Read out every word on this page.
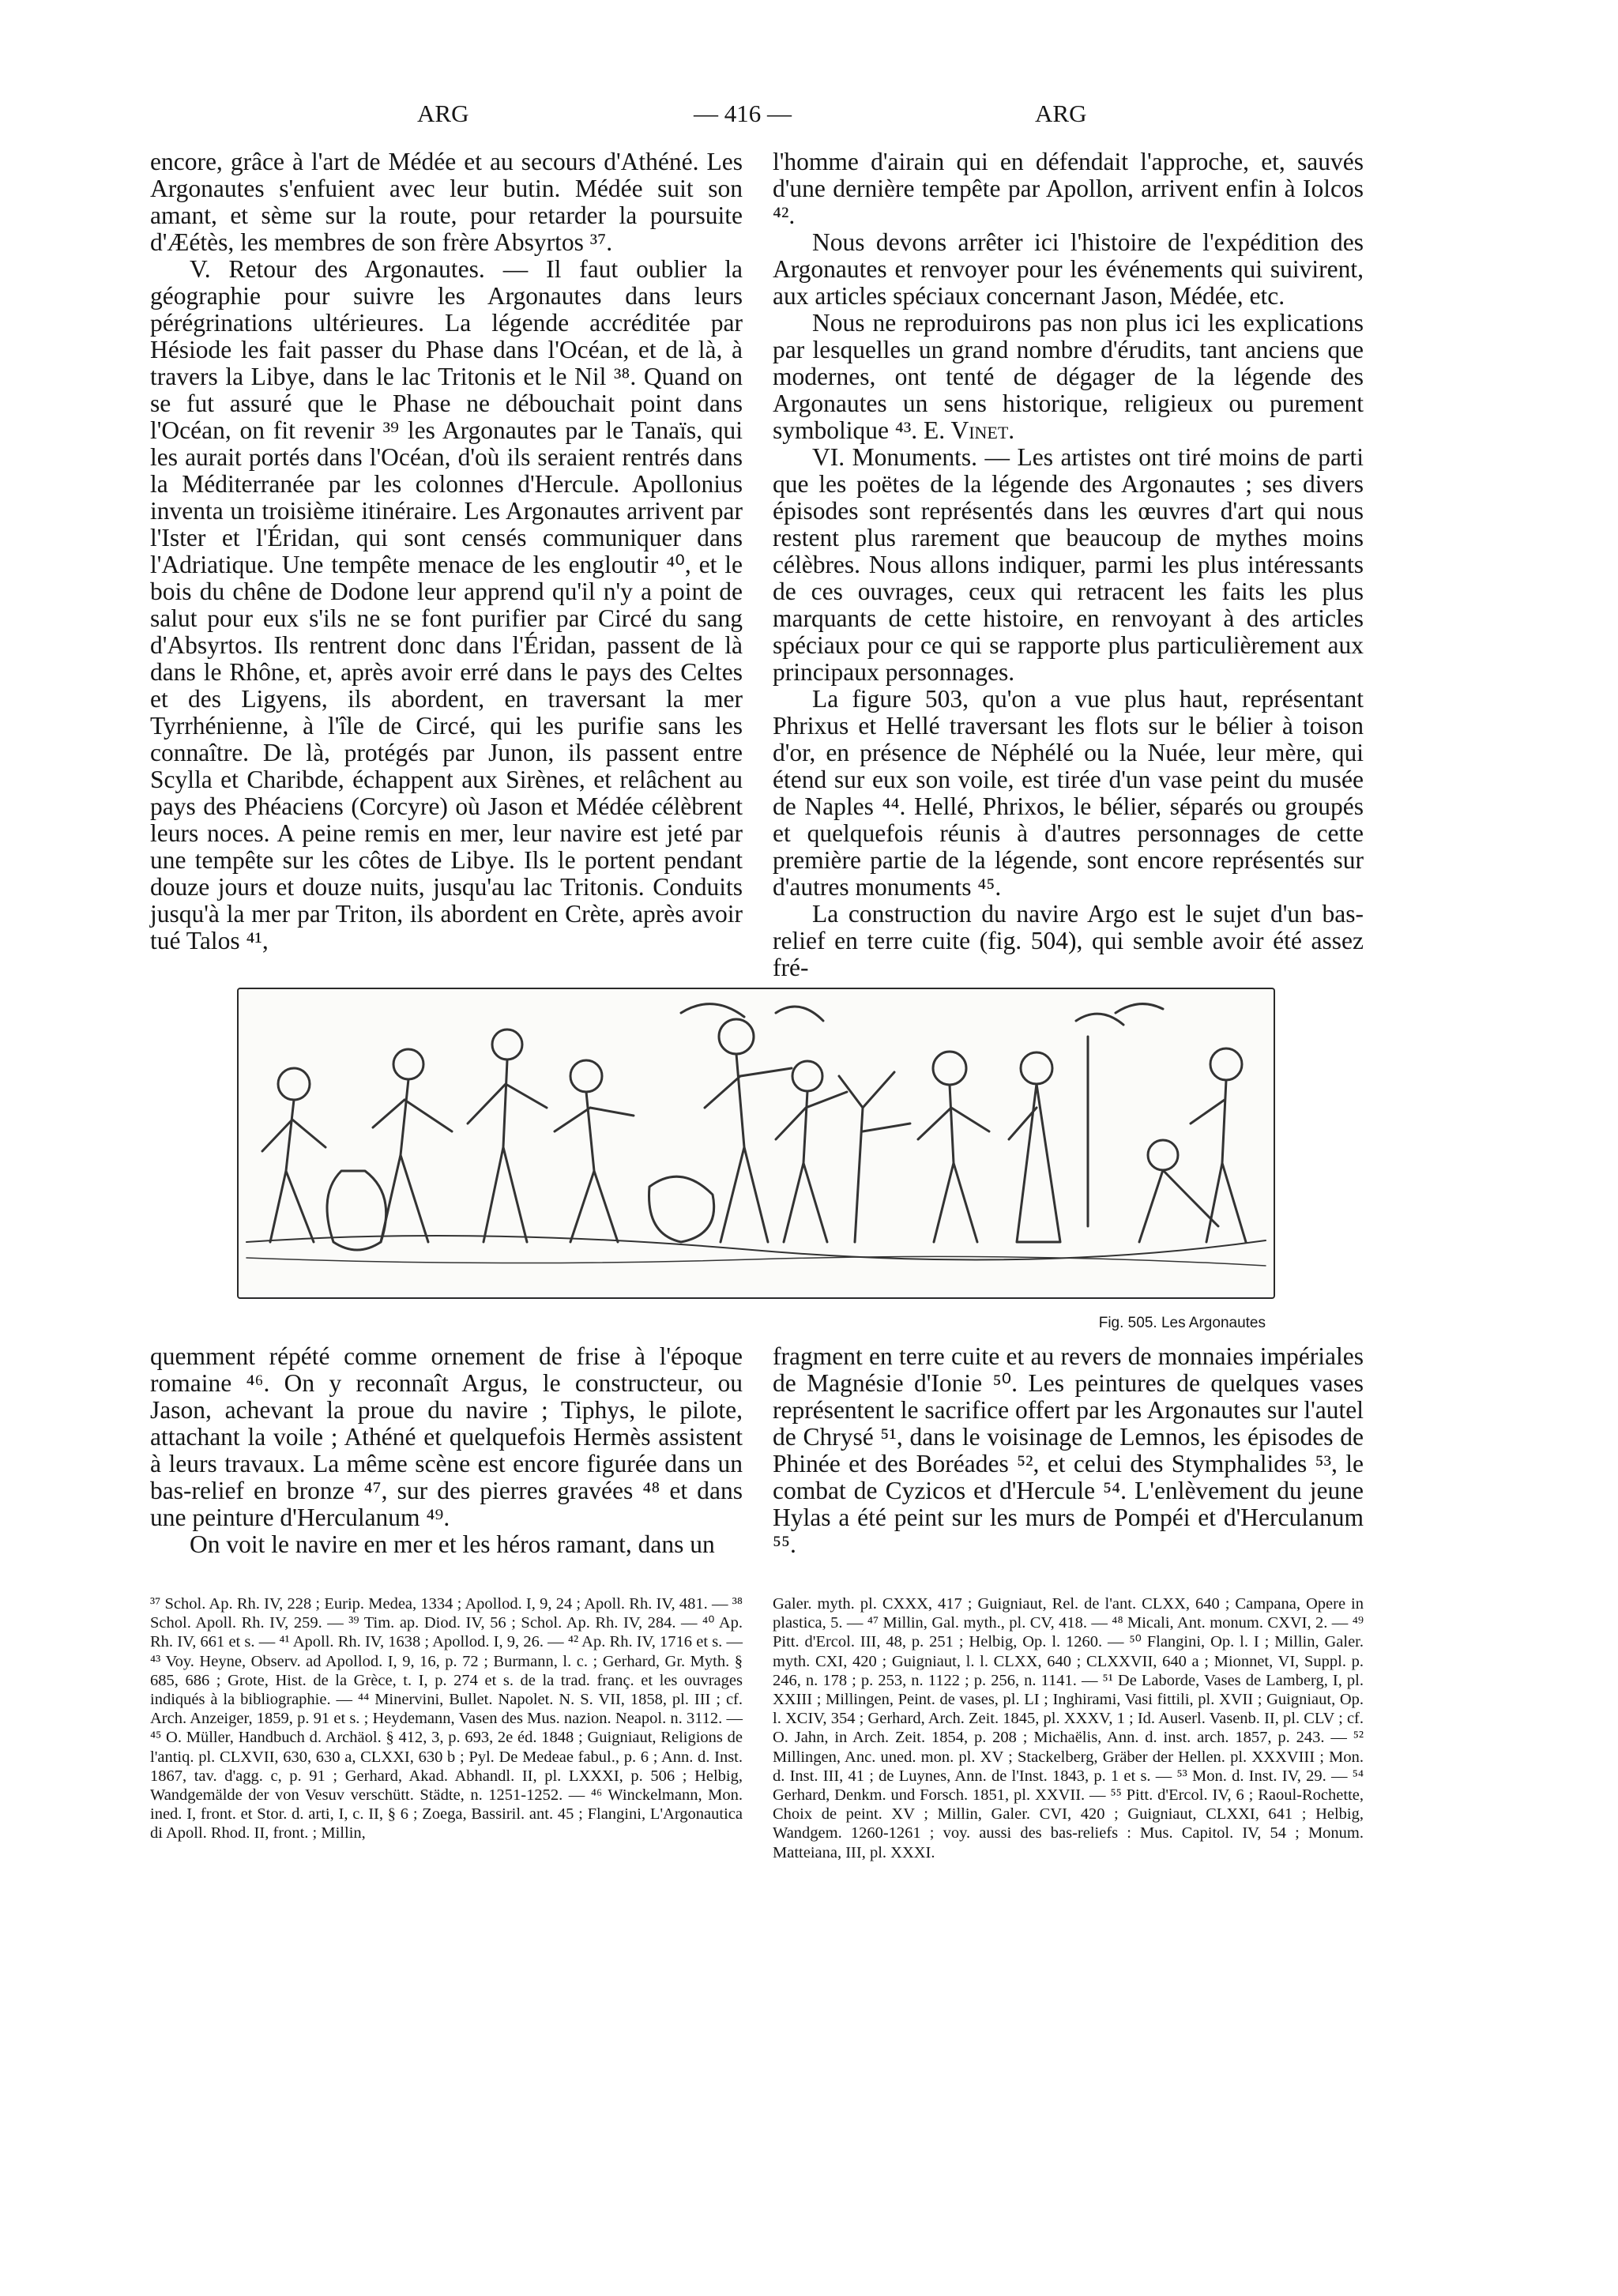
ARG	— 416 —	ARG

encore, grâce à l'art de Médée et au secours d'Athéné. Les Argonautes s'enfuient avec leur butin. Médée suit son amant, et sème sur la route, pour retarder la poursuite d'Æétès, les membres de son frère Absyrtos ³⁷.

V. Retour des Argonautes. — Il faut oublier la géographie pour suivre les Argonautes dans leurs pérégrinations ultérieures. La légende accréditée par Hésiode les fait passer du Phase dans l'Océan, et de là, à travers la Libye, dans le lac Tritonis et le Nil ³⁸. Quand on se fut assuré que le Phase ne débouchait point dans l'Océan, on fit revenir ³⁹ les Argonautes par le Tanaïs, qui les aurait portés dans l'Océan, d'où ils seraient rentrés dans la Méditerranée par les colonnes d'Hercule. Apollonius inventa un troisième itinéraire. Les Argonautes arrivent par l'Ister et l'Éridan, qui sont censés communiquer dans l'Adriatique. Une tempête menace de les engloutir ⁴⁰, et le bois du chêne de Dodone leur apprend qu'il n'y a point de salut pour eux s'ils ne se font purifier par Circé du sang d'Absyrtos. Ils rentrent donc dans l'Éridan, passent de là dans le Rhône, et, après avoir erré dans le pays des Celtes et des Ligyens, ils abordent, en traversant la mer Tyrrhénienne, à l'île de Circé, qui les purifie sans les connaître. De là, protégés par Junon, ils passent entre Scylla et Charibde, échappent aux Sirènes, et relâchent au pays des Phéaciens (Corcyre) où Jason et Médée célèbrent leurs noces. A peine remis en mer, leur navire est jeté par une tempête sur les côtes de Libye. Ils le portent pendant douze jours et douze nuits, jusqu'au lac Tritonis. Conduits jusqu'à la mer par Triton, ils abordent en Crète, après avoir tué Talos ⁴¹,

l'homme d'airain qui en défendait l'approche, et, sauvés d'une dernière tempête par Apollon, arrivent enfin à Iolcos ⁴².

Nous devons arrêter ici l'histoire de l'expédition des Argonautes et renvoyer pour les événements qui suivirent, aux articles spéciaux concernant Jason, Médée, etc.

Nous ne reproduirons pas non plus ici les explications par lesquelles un grand nombre d'érudits, tant anciens que modernes, ont tenté de dégager de la légende des Argonautes un sens historique, religieux ou purement symbolique ⁴³. E. Vinet.

VI. Monuments. — Les artistes ont tiré moins de parti que les poëtes de la légende des Argonautes ; ses divers épisodes sont représentés dans les œuvres d'art qui nous restent plus rarement que beaucoup de mythes moins célèbres. Nous allons indiquer, parmi les plus intéressants de ces ouvrages, ceux qui retracent les faits les plus marquants de cette histoire, en renvoyant à des articles spéciaux pour ce qui se rapporte plus particulièrement aux principaux personnages.

La figure 503, qu'on a vue plus haut, représentant Phrixus et Hellé traversant les flots sur le bélier à toison d'or, en présence de Néphélé ou la Nuée, leur mère, qui étend sur eux son voile, est tirée d'un vase peint du musée de Naples ⁴⁴. Hellé, Phrixos, le bélier, séparés ou groupés et quelquefois réunis à d'autres personnages de cette première partie de la légende, sont encore représentés sur d'autres monuments ⁴⁵.

La construction du navire Argo est le sujet d'un bas-relief en terre cuite (fig. 504), qui semble avoir été assez fré-

Fig. 505. Les Argonautes

quemment répété comme ornement de frise à l'époque romaine ⁴⁶. On y reconnaît Argus, le constructeur, ou Jason, achevant la proue du navire ; Tiphys, le pilote, attachant la voile ; Athéné et quelquefois Hermès assistent à leurs travaux. La même scène est encore figurée dans un bas-relief en bronze ⁴⁷, sur des pierres gravées ⁴⁸ et dans une peinture d'Herculanum ⁴⁹.

On voit le navire en mer et les héros ramant, dans un

fragment en terre cuite et au revers de monnaies impériales de Magnésie d'Ionie ⁵⁰. Les peintures de quelques vases représentent le sacrifice offert par les Argonautes sur l'autel de Chrysé ⁵¹, dans le voisinage de Lemnos, les épisodes de Phinée et des Boréades ⁵², et celui des Stymphalides ⁵³, le combat de Cyzicos et d'Hercule ⁵⁴. L'enlèvement du jeune Hylas a été peint sur les murs de Pompéi et d'Herculanum ⁵⁵.

³⁷ Schol. Ap. Rh. IV, 228 ; Eurip. Medea, 1334 ; Apollod. I, 9, 24 ; Apoll. Rh. IV, 481. — ³⁸ Schol. Apoll. Rh. IV, 259. — ³⁹ Tim. ap. Diod. IV, 56 ; Schol. Ap. Rh. IV, 284. — ⁴⁰ Ap. Rh. IV, 661 et s. — ⁴¹ Apoll. Rh. IV, 1638 ; Apollod. I, 9, 26. — ⁴² Ap. Rh. IV, 1716 et s. — ⁴³ Voy. Heyne, Observ. ad Apollod. I, 9, 16, p. 72 ; Burmann, l. c. ; Gerhard, Gr. Myth. § 685, 686 ; Grote, Hist. de la Grèce, t. I, p. 274 et s. de la trad. franç. et les ouvrages indiqués à la bibliographie. — ⁴⁴ Minervini, Bullet. Napolet. N. S. VII, 1858, pl. III ; cf. Arch. Anzeiger, 1859, p. 91 et s. ; Heydemann, Vasen des Mus. nazion. Neapol. n. 3112. — ⁴⁵ O. Müller, Handbuch d. Archäol. § 412, 3, p. 693, 2e éd. 1848 ; Guigniaut, Religions de l'antiq. pl. CLXVII, 630, 630 a, CLXXI, 630 b ; Pyl. De Medeae fabul., p. 6 ; Ann. d. Inst. 1867, tav. d'agg. c, p. 91 ; Gerhard, Akad. Abhandl. II, pl. LXXXI, p. 506 ; Helbig, Wandgemälde der von Vesuv verschütt. Städte, n. 1251-1252. — ⁴⁶ Winckelmann, Mon. ined. I, front. et Stor. d. arti, I, c. II, § 6 ; Zoega, Bassiril. ant. 45 ; Flangini, L'Argonautica di Apoll. Rhod. II, front. ; Millin,

Galer. myth. pl. CXXX, 417 ; Guigniaut, Rel. de l'ant. CLXX, 640 ; Campana, Opere in plastica, 5. — ⁴⁷ Millin, Gal. myth., pl. CV, 418. — ⁴⁸ Micali, Ant. monum. CXVI, 2. — ⁴⁹ Pitt. d'Ercol. III, 48, p. 251 ; Helbig, Op. l. 1260. — ⁵⁰ Flangini, Op. l. I ; Millin, Galer. myth. CXI, 420 ; Guigniaut, l. l. CLXX, 640 ; CLXXVII, 640 a ; Mionnet, VI, Suppl. p. 246, n. 178 ; p. 253, n. 1122 ; p. 256, n. 1141. — ⁵¹ De Laborde, Vases de Lamberg, I, pl. XXIII ; Millingen, Peint. de vases, pl. LI ; Inghirami, Vasi fittili, pl. XVII ; Guigniaut, Op. l. XCIV, 354 ; Gerhard, Arch. Zeit. 1845, pl. XXXV, 1 ; Id. Auserl. Vasenb. II, pl. CLV ; cf. O. Jahn, in Arch. Zeit. 1854, p. 208 ; Michaëlis, Ann. d. inst. arch. 1857, p. 243. — ⁵² Millingen, Anc. uned. mon. pl. XV ; Stackelberg, Gräber der Hellen. pl. XXXVIII ; Mon. d. Inst. III, 41 ; de Luynes, Ann. de l'Inst. 1843, p. 1 et s. — ⁵³ Mon. d. Inst. IV, 29. — ⁵⁴ Gerhard, Denkm. und Forsch. 1851, pl. XXVII. — ⁵⁵ Pitt. d'Ercol. IV, 6 ; Raoul-Rochette, Choix de peint. XV ; Millin, Galer. CVI, 420 ; Guigniaut, CLXXI, 641 ; Helbig, Wandgem. 1260-1261 ; voy. aussi des bas-reliefs : Mus. Capitol. IV, 54 ; Monum. Matteiana, III, pl. XXXI.
